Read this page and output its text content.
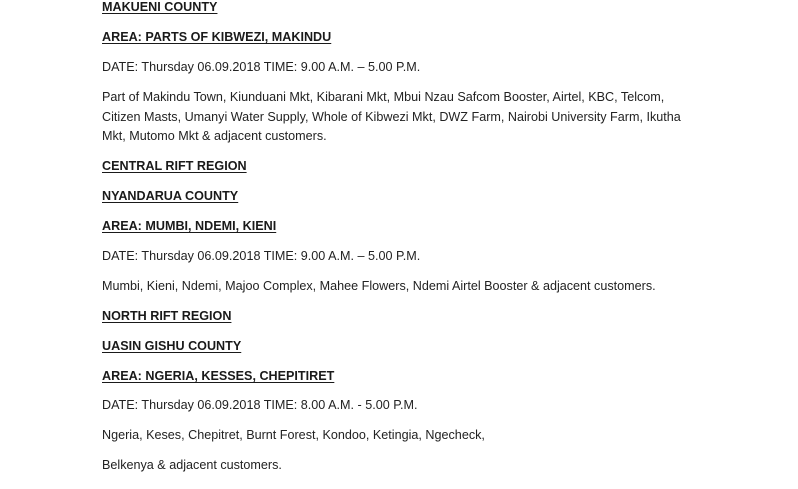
MAKUENI COUNTY
AREA: PARTS OF KIBWEZI, MAKINDU
DATE: Thursday 06.09.2018 TIME: 9.00 A.M. – 5.00 P.M.
Part of Makindu Town, Kiunduani Mkt, Kibarani Mkt, Mbui Nzau Safcom Booster, Airtel, KBC, Telcom, Citizen Masts, Umanyi Water Supply, Whole of Kibwezi Mkt, DWZ Farm, Nairobi University Farm, Ikutha Mkt, Mutomo Mkt & adjacent customers.
CENTRAL RIFT REGION
NYANDARUA COUNTY
AREA: MUMBI, NDEMI, KIENI
DATE: Thursday 06.09.2018 TIME: 9.00 A.M. – 5.00 P.M.
Mumbi, Kieni, Ndemi, Majoo Complex, Mahee Flowers, Ndemi Airtel Booster & adjacent customers.
NORTH RIFT REGION
UASIN GISHU COUNTY
AREA: NGERIA, KESSES, CHEPITIRET
DATE: Thursday 06.09.2018 TIME: 8.00 A.M. - 5.00 P.M.
Ngeria, Keses, Chepitret, Burnt Forest, Kondoo, Ketingia, Ngecheck,
Belkenya & adjacent customers.
